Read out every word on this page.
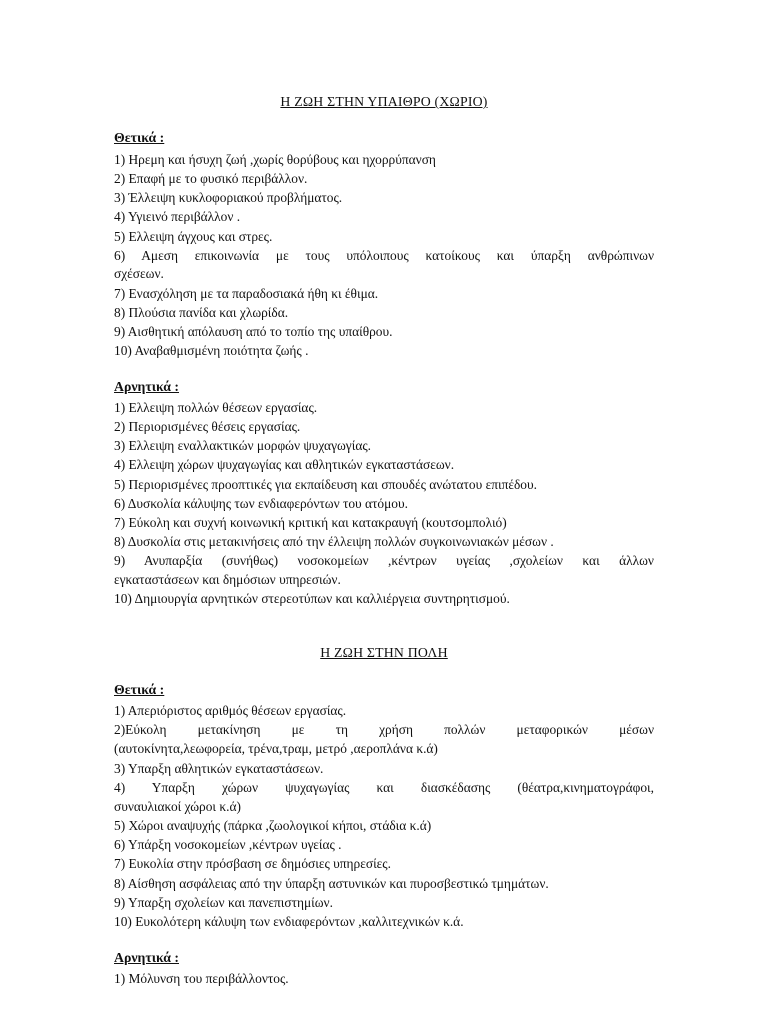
Η ΖΩΗ ΣΤΗΝ ΥΠΑΙΘΡΟ (ΧΩΡΙΟ)
Θετικά :
1) Ηρεμη και ήσυχη ζωή ,χωρίς θορύβους και ηχορρύπανση
2) Επαφή με το φυσικό περιβάλλον.
3) Έλλειψη κυκλοφοριακού προβλήματος.
4) Υγιεινό περιβάλλον .
5) Ελλειψη άγχους και στρες.
6) Αμεση επικοινωνία με τους υπόλοιπους κατοίκους και ύπαρξη ανθρώπινων
σχέσεων.
7) Ενασχόληση με τα παραδοσιακά ήθη κι έθιμα.
8) Πλούσια πανίδα και χλωρίδα.
9) Αισθητική απόλαυση από το τοπίο της υπαίθρου.
10) Αναβαθμισμένη ποιότητα ζωής .
Αρνητικά :
1) Ελλειψη πολλών θέσεων εργασίας.
2) Περιορισμένες θέσεις εργασίας.
3) Ελλειψη εναλλακτικών μορφών ψυχαγωγίας.
4) Ελλειψη χώρων ψυχαγωγίας και αθλητικών εγκαταστάσεων.
5) Περιορισμένες προοπτικές για εκπαίδευση και σπουδές ανώτατου επιπέδου.
6) Δυσκολία κάλυψης των ενδιαφερόντων του ατόμου.
7) Εύκολη και συχνή κοινωνική κριτική και κατακραυγή (κουτσομπολιό)
8) Δυσκολία στις μετακινήσεις από την έλλειψη πολλών συγκοινωνιακών μέσων .
9) Ανυπαρξία (συνήθως) νοσοκομείων ,κέντρων υγείας ,σχολείων και άλλων
εγκαταστάσεων και δημόσιων υπηρεσιών.
10) Δημιουργία αρνητικών στερεοτύπων και καλλιέργεια συντηρητισμού.
Η ΖΩΗ ΣΤΗΝ ΠΟΛΗ
Θετικά :
1) Απεριόριστος αριθμός θέσεων εργασίας.
2)Εύκολη μετακίνηση με τη χρήση πολλών μεταφορικών μέσων
(αυτοκίνητα,λεωφορεία, τρένα,τραμ, μετρό ,αεροπλάνα κ.ά)
3) Υπαρξη αθλητικών εγκαταστάσεων.
4) Υπαρξη χώρων ψυχαγωγίας και διασκέδασης (θέατρα,κινηματογράφοι,
συναυλιακοί χώροι κ.ά)
5) Χώροι αναψυχής (πάρκα ,ζωολογικοί κήποι, στάδια κ.ά)
6) Υπάρξη νοσοκομείων ,κέντρων υγείας .
7) Ευκολία στην πρόσβαση σε δημόσιες υπηρεσίες.
8) Αίσθηση ασφάλειας από την ύπαρξη αστυνικών και πυροσβεστικώ τμημάτων.
9) Υπαρξη σχολείων και πανεπιστημίων.
10) Ευκολότερη κάλυψη των ενδιαφερόντων ,καλλιτεχνικών κ.ά.
Αρνητικά :
1) Μόλυνση του περιβάλλοντος.
